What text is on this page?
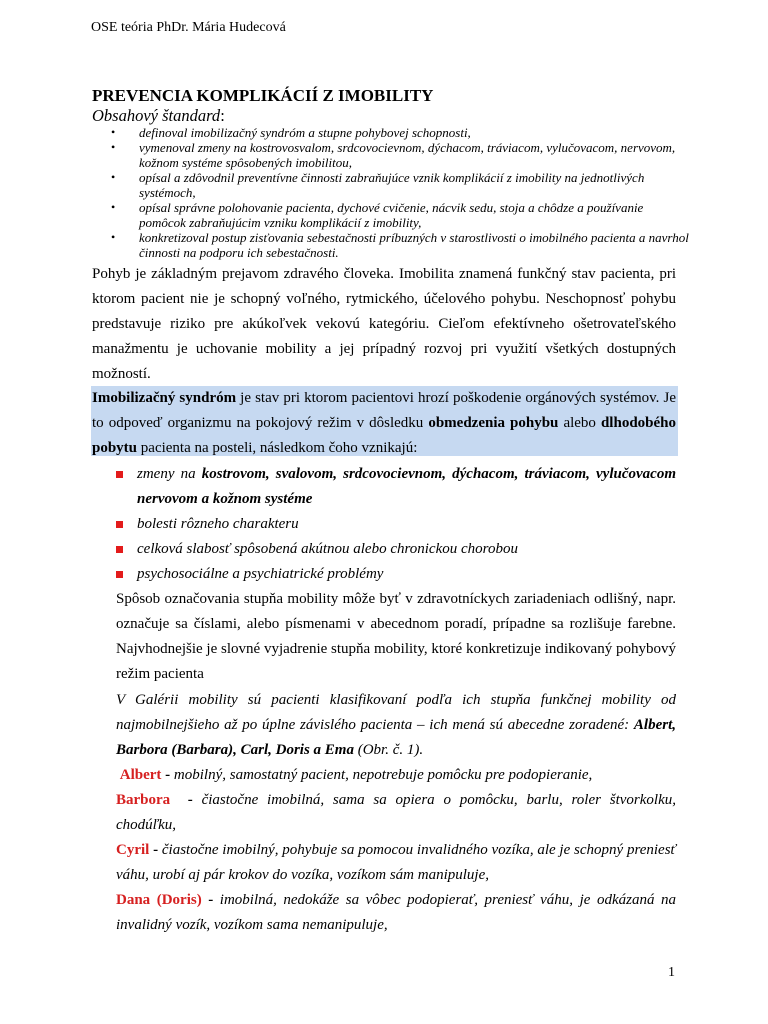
OSE teória PhDr. Mária Hudecová
PREVENCIA KOMPLIKÁCIÍ Z IMOBILITY
Obsahový štandard:
• definoval imobilizačný syndróm a stupne pohybovej schopnosti,
• vymenoval zmeny na kostrovosvalom, srdcovocievnom, dýchacom, tráviacom, vylučovacom, nervovom, kožnom systéme spôsobených imobilitou,
• opísal a zdôvodnil preventívne činnosti zabraňujúce vznik komplikácií z imobility na jednotlivých systémoch,
• opísal správne polohovanie pacienta, dychové cvičenie, nácvik sedu, stoja a chôdze a používanie pomôcok zabraňujúcim vzniku komplikácií z imobility,
• konkretizoval postup zisťovania sebestačnosti príbuzných v starostlivosti o imobilného pacienta a navrhol činnosti na podporu ich sebestačnosti.

Pohyb je základným prejavom zdravého človeka. Imobilita znamená funkčný stav pacienta, pri ktorom pacient nie je schopný voľného, rytmického, účelového pohybu. Neschopnosť pohybu predstavuje riziko pre akúkoľvek vekovú kategóriu. Cieľom efektívneho ošetrovateľského manažmentu je uchovanie mobility a jej prípadný rozvoj pri využití všetkých dostupných možností.

Imobilizačný syndróm je stav pri ktorom pacientovi hrozí poškodenie orgánových systémov. Je to odpoveď organizmu na pokojový režim v dôsledku obmedzenia pohybu alebo dlhodobého pobytu pacienta na posteli, následkom čoho vznikajú:

zmeny na kostrovom, svalovom, srdcovocievnom, dýchacom, tráviacom, vylučovacom nervovom a kožnom systéme
bolesti rôzneho charakteru
celková slabosť spôsobená akútnou alebo chronickou chorobou
psychosociálne a psychiatrické problémy

Spôsob označovania stupňa mobility môže byť v zdravotníckych zariadeniach odlišný, napr. označuje sa číslami, alebo písmenami v abecednom poradí, prípadne sa rozlišuje farebne. Najvhodnejšie je slovné vyjadrenie stupňa mobility, ktoré konkretizuje indikovaný pohybový režim pacienta

V Galérii mobility sú pacienti klasifikovaní podľa ich stupňa funkčnej mobility od najmobilnejšieho až po úplne závislého pacienta – ich mená sú abecedne zoradené: Albert, Barbora (Barbara), Carl, Doris a Ema (Obr. č. 1).

Albert - mobilný, samostatný pacient, nepotrebuje pomôcku pre podopieranie,
Barbora  - čiastočne imobilná, sama sa opiera o pomôcku, barlu, roler štvorkolku, chodúľku,
Cyril - čiastočne imobilný, pohybuje sa pomocou invalidného vozíka, ale je schopný preniesť váhu, urobí aj pár krokov do vozíka, vozíkom sám manipuluje,
Dana (Doris) - imobilná, nedokáže sa vôbec podopierať, preniesť váhu, je odkázaná na invalidný vozík, vozíkom sama nemanipuluje,
1
